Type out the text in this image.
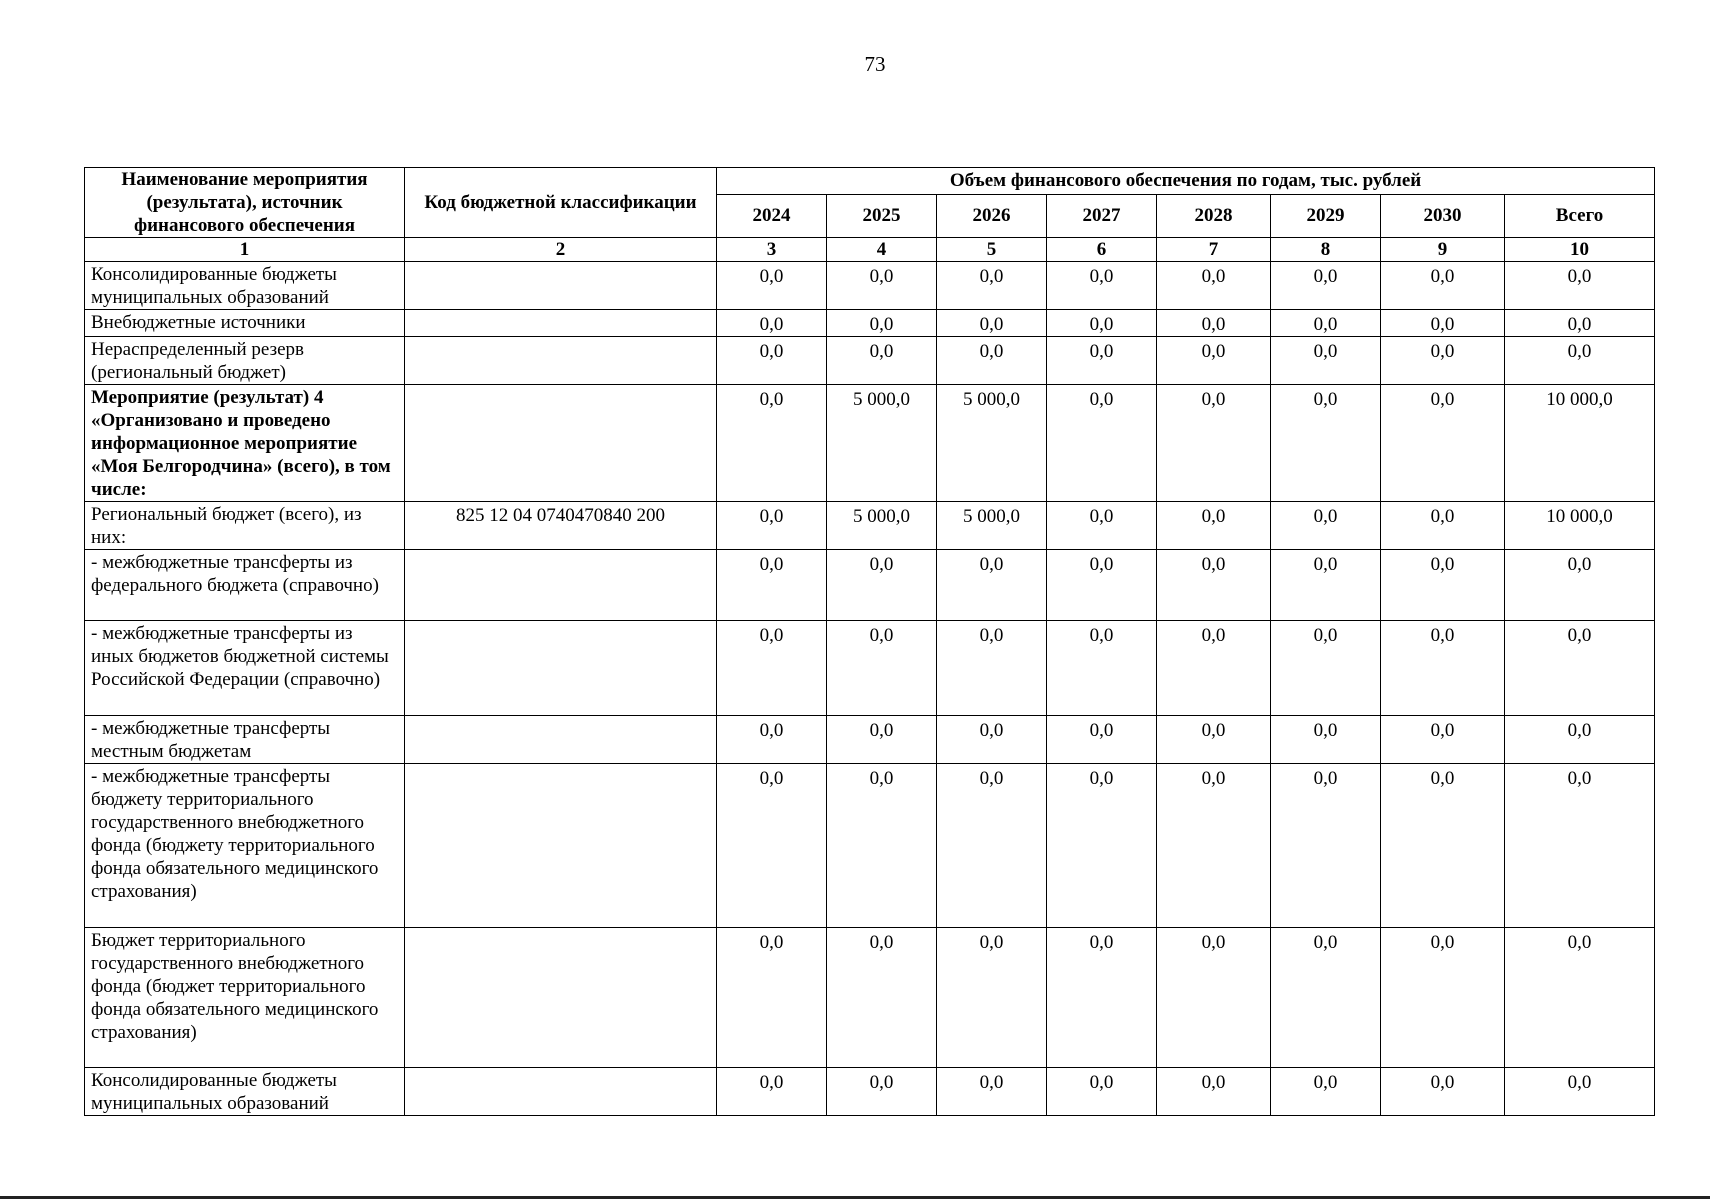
73
Наименование мероприятия (результата), источник финансового обеспечения	Код бюджетной классификации	Объем финансового обеспечения по годам, тыс. рублей							
		2024	2025	2026	2027	2028	2029	2030	Всего
1	2	3	4	5	6	7	8	9	10
Консолидированные бюджеты муниципальных образований		0,0	0,0	0,0	0,0	0,0	0,0	0,0	0,0
Внебюджетные источники		0,0	0,0	0,0	0,0	0,0	0,0	0,0	0,0
Нераспределенный резерв (региональный бюджет)		0,0	0,0	0,0	0,0	0,0	0,0	0,0	0,0
Мероприятие (результат) 4 «Организовано и проведено информационное мероприятие «Моя Белгородчина» (всего), в том числе:		0,0	5 000,0	5 000,0	0,0	0,0	0,0	0,0	10 000,0
Региональный бюджет (всего), из них:	825 12 04 0740470840 200	0,0	5 000,0	5 000,0	0,0	0,0	0,0	0,0	10 000,0
- межбюджетные трансферты из федерального бюджета (справочно)		0,0	0,0	0,0	0,0	0,0	0,0	0,0	0,0
- межбюджетные трансферты из иных бюджетов бюджетной системы Российской Федерации (справочно)		0,0	0,0	0,0	0,0	0,0	0,0	0,0	0,0
- межбюджетные трансферты местным бюджетам		0,0	0,0	0,0	0,0	0,0	0,0	0,0	0,0
- межбюджетные трансферты бюджету территориального государственного внебюджетного фонда (бюджету территориального фонда обязательного медицинского страхования)		0,0	0,0	0,0	0,0	0,0	0,0	0,0	0,0
Бюджет территориального государственного внебюджетного фонда (бюджет территориального фонда обязательного медицинского страхования)		0,0	0,0	0,0	0,0	0,0	0,0	0,0	0,0
Консолидированные бюджеты муниципальных образований		0,0	0,0	0,0	0,0	0,0	0,0	0,0	0,0
